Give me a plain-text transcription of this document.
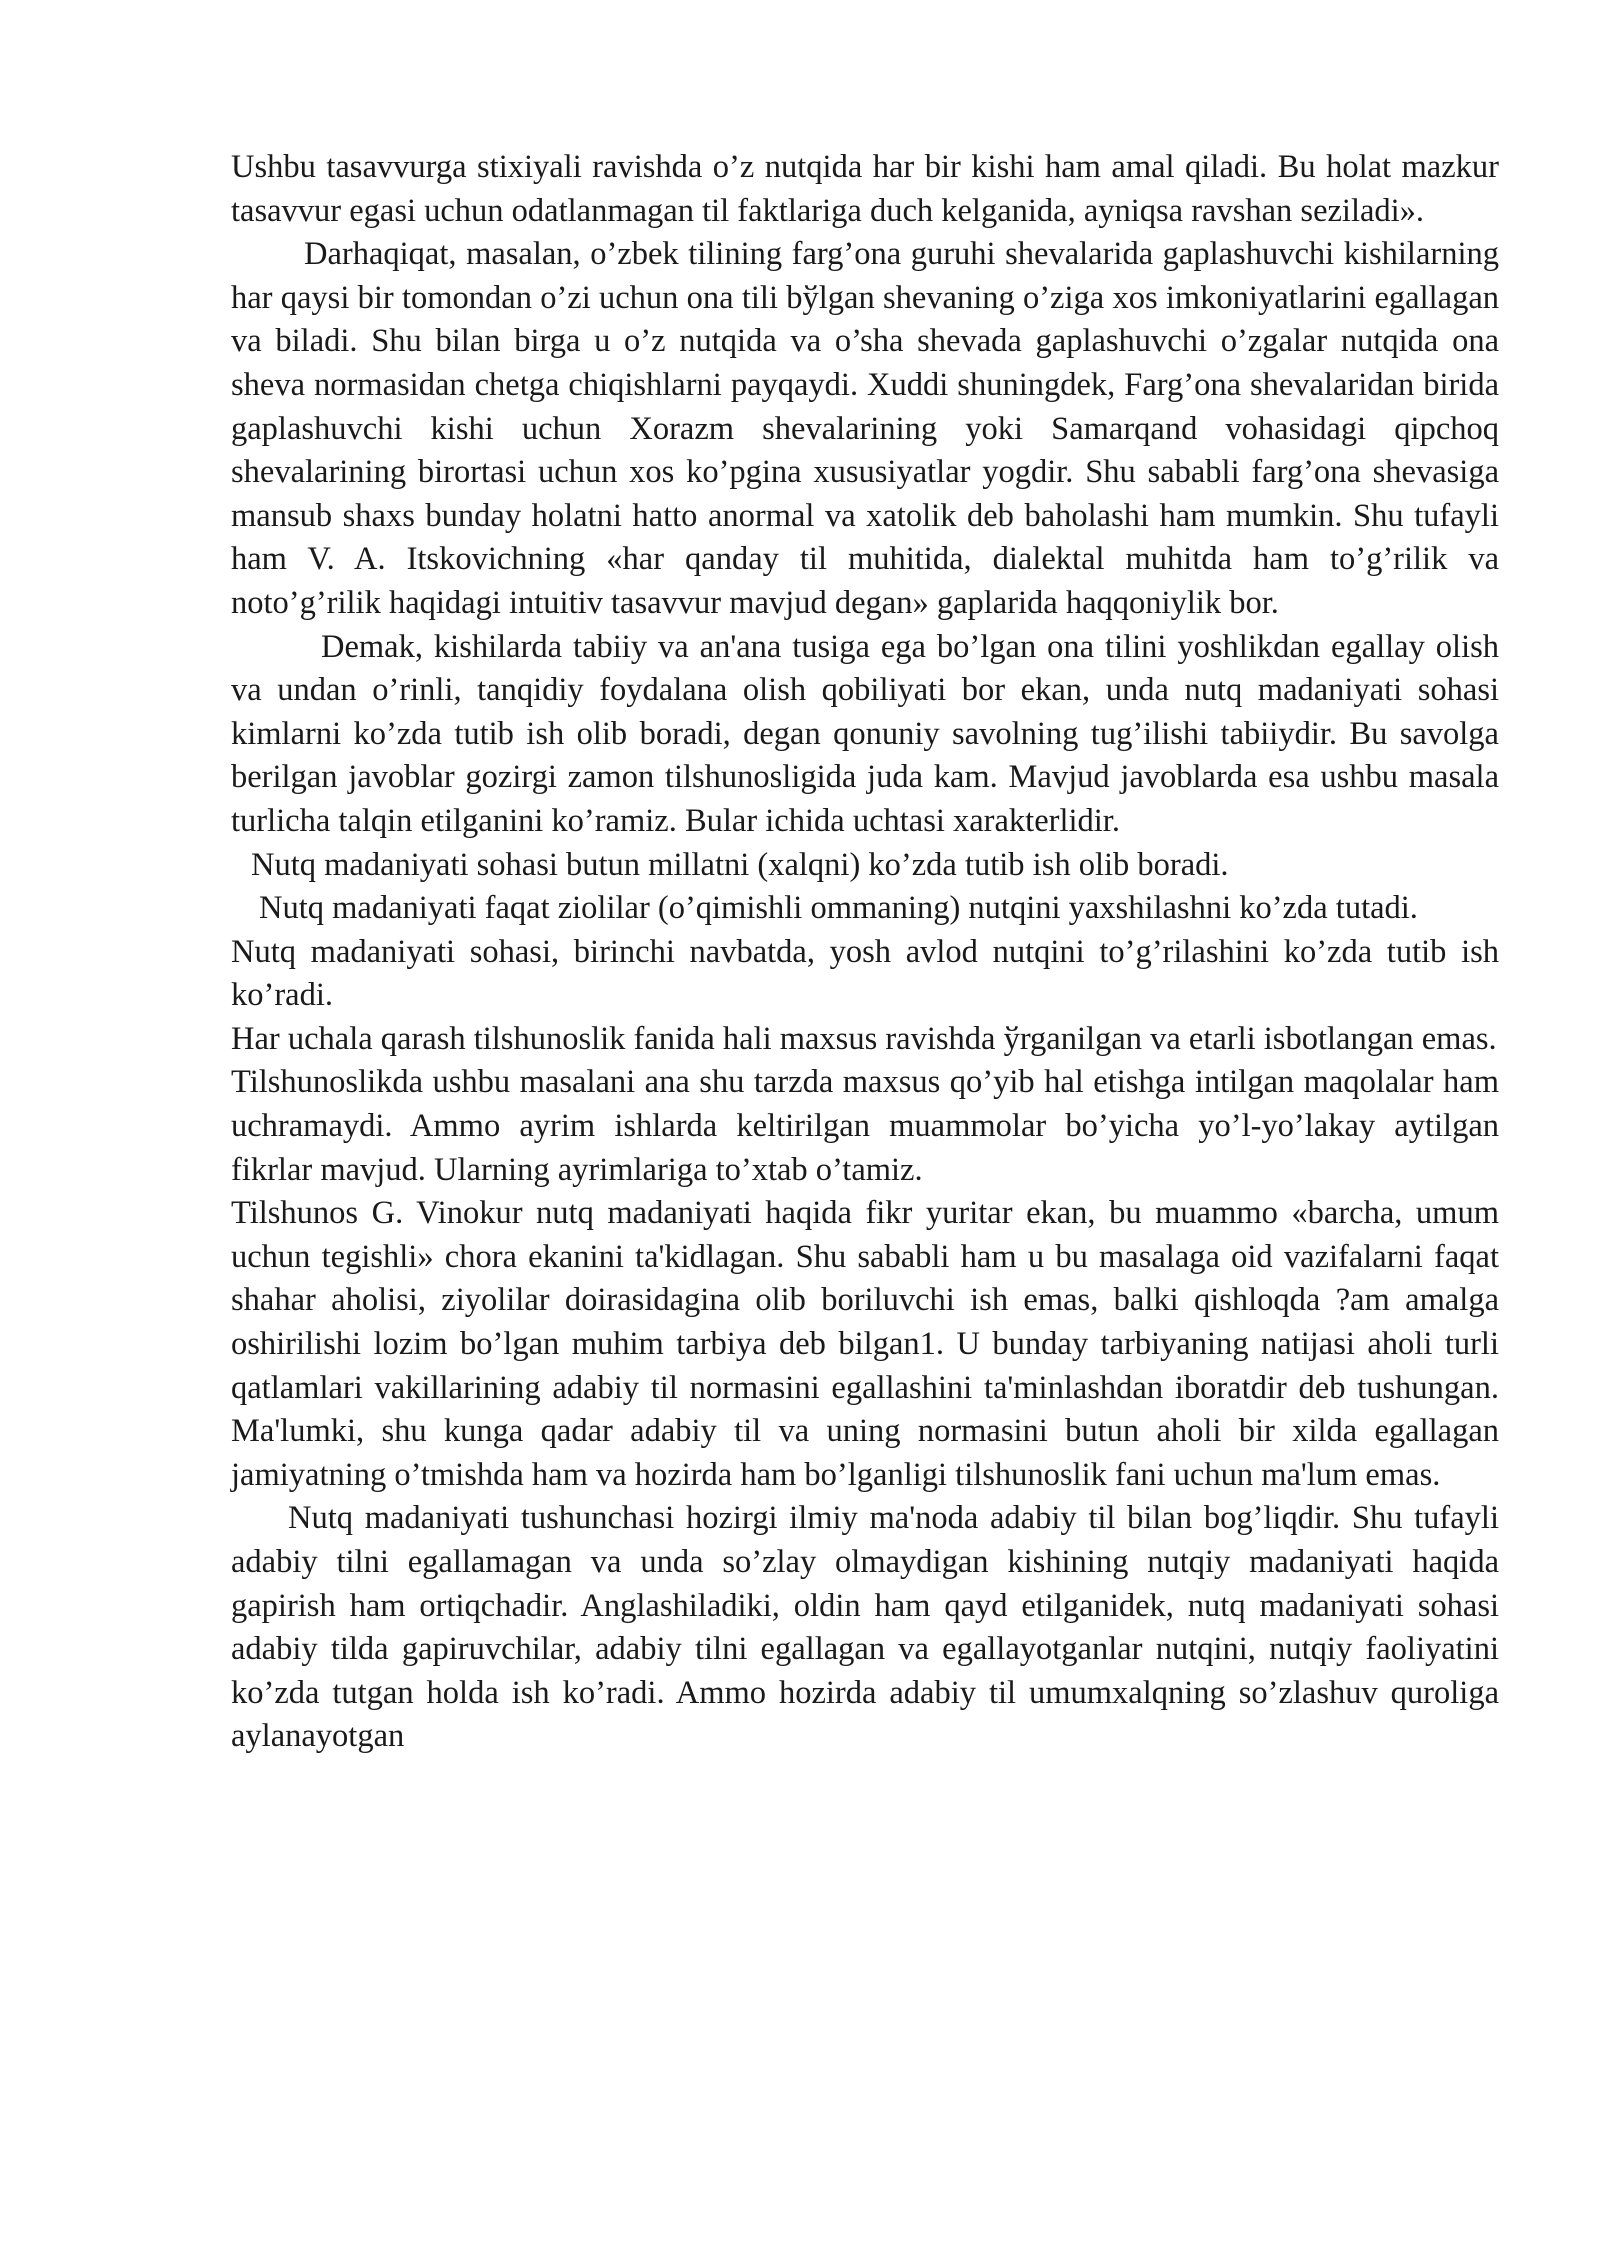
Ushbu tasavvurga stixiyali ravishda o’z nutqida har bir kishi ham amal qiladi. Bu holat mazkur tasavvur egasi uchun odatlanmagan til faktlariga duch kelganida, ayniqsa ravshan seziladi».

Darhaqiqat, masalan, o’zbek tilining farg’ona guruhi shevalarida gaplashuvchi kishilarning har qaysi bir tomondan o’zi uchun ona tili bўlgan shevaning o’ziga xos imkoniyatlarini egallagan va biladi. Shu bilan birga u o’z nutqida va o’sha shevada gaplashuvchi o’zgalar nutqida ona sheva normasidan chetga chiqishlarni payqaydi. Xuddi shuningdek, Farg’ona shevalaridan birida gaplashuvchi kishi uchun Xorazm shevalarining yoki Samarqand vohasidagi qipchoq shevalarining birortasi uchun xos ko’pgina xususiyatlar yogdir. Shu sababli farg’ona shevasiga mansub shaxs bunday holatni hatto anormal va xatolik deb baholashi ham mumkin. Shu tufayli ham V. A. Itskovichning «har qanday til muhitida, dialektal muhitda ham to’g’rilik va noto’g’rilik haqidagi intuitiv tasavvur mavjud degan» gaplarida haqqoniylik bor.

Demak, kishilarda tabiiy va an'ana tusiga ega bo’lgan ona tilini yoshlikdan egallay olish va undan o’rinli, tanqidiy foydalana olish qobiliyati bor ekan, unda nutq madaniyati sohasi kimlarni ko’zda tutib ish olib boradi, degan qonuniy savolning tug’ilishi tabiiydir. Bu savolga berilgan javoblar gozirgi zamon tilshunosligida juda kam. Mavjud javoblarda esa ushbu masala turlicha talqin etilganini ko’ramiz. Bular ichida uchtasi xarakterlidir.

Nutq madaniyati sohasi butun millatni (xalqni) ko’zda tutib ish olib boradi.

Nutq madaniyati faqat ziolilar (o’qimishli ommaning) nutqini yaxshilashni ko’zda tutadi.

Nutq madaniyati sohasi, birinchi navbatda, yosh avlod nutqini to’g’rilashini ko’zda tutib ish ko’radi.

Har uchala qarash tilshunoslik fanida hali maxsus ravishda ўrganilgan va etarli isbotlangan emas.

Tilshunoslikda ushbu masalani ana shu tarzda maxsus qo’yib hal etishga intilgan maqolalar ham uchramaydi. Ammo ayrim ishlarda keltirilgan muammolar bo’yicha yo’l-yo’lakay aytilgan fikrlar mavjud. Ularning ayrimlariga to’xtab o’tamiz.

Tilshunos G. Vinokur nutq madaniyati haqida fikr yuritar ekan, bu muammo «barcha, umum uchun tegishli» chora ekanini ta'kidlagan. Shu sababli ham u bu masalaga oid vazifalarni faqat shahar aholisi, ziyolilar doirasidagina olib boriluvchi ish emas, balki qishloqda ?am amalga oshirilishi lozim bo’lgan muhim tarbiya deb bilgan1. U bunday tarbiyaning natijasi aholi turli qatlamlari vakillarining adabiy til normasini egallashini ta'minlashdan iboratdir deb tushungan. Ma'lumki, shu kunga qadar adabiy til va uning normasini butun aholi bir xilda egallagan jamiyatning o’tmishda ham va hozirda ham bo’lganligi tilshunoslik fani uchun ma'lum emas.

Nutq madaniyati tushunchasi hozirgi ilmiy ma'noda adabiy til bilan bog’liqdir. Shu tufayli adabiy tilni egallamagan va unda so’zlay olmaydigan kishining nutqiy madaniyati haqida gapirish ham ortiqchadir. Anglashiladiki, oldin ham qayd etilganidek, nutq madaniyati sohasi adabiy tilda gapiruvchilar, adabiy tilni egallagan va egallayotganlar nutqini, nutqiy faoliyatini ko’zda tutgan holda ish ko’radi. Ammo hozirda adabiy til umumxalqning so’zlashuv quroliga aylanayotgan
